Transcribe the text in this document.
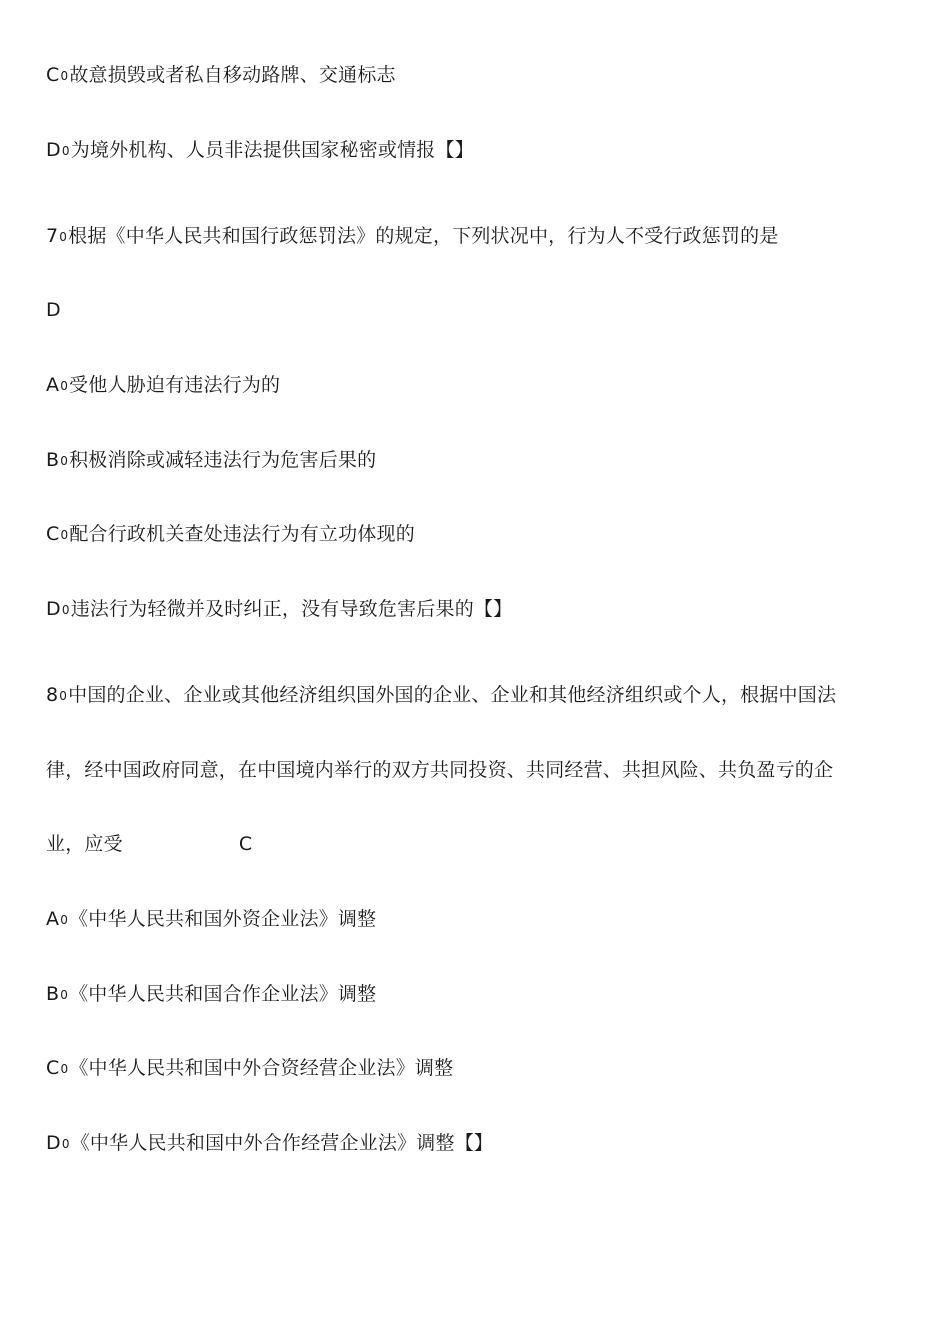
C0故意损毁或者私自移动路牌、交通标志
D0为境外机构、人员非法提供国家秘密或情报【】
70根据《中华人民共和国行政惩罚法》的规定，下列状况中，行为人不受行政惩罚的是
D
A0受他人胁迫有违法行为的
B0积极消除或减轻违法行为危害后果的
C0配合行政机关查处违法行为有立功体现的
D0违法行为轻微并及时纠正，没有导致危害后果的【】
80中国的企业、企业或其他经济组织国外国的企业、企业和其他经济组织或个人，根据中国法
律，经中国政府同意，在中国境内举行的双方共同投资、共同经营、共担风险、共负盈亏的企
业，应受	C
A0《中华人民共和国外资企业法》调整
B0《中华人民共和国合作企业法》调整
C0《中华人民共和国中外合资经营企业法》调整
D0《中华人民共和国中外合作经营企业法》调整【】
